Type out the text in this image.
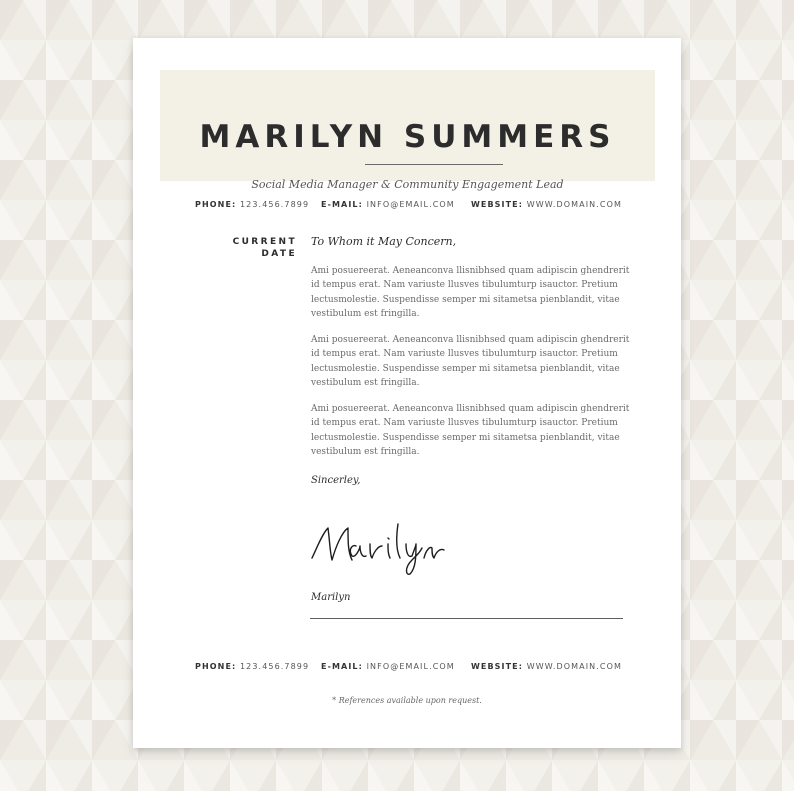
MARILYN SUMMERS
Social Media Manager & Community Engagement Lead
PHONE: 123.456.7899 E-MAIL: INFO@EMAIL.COM WEBSITE: WWW.DOMAIN.COM
CURRENT
DATE
To Whom it May Concern,

Ami posuereerat. Aeneanconva llisnibhsed quam adipiscin ghendrerit id tempus erat. Nam variuste llusves tibulumturp isauctor. Pretium lectusmolestie. Suspendisse semper mi sitametsa pienblandit, vitae vestibulum est fringilla.

Ami posuereerat. Aeneanconva llisnibhsed quam adipiscin ghendrerit id tempus erat. Nam variuste llusves tibulumturp isauctor. Pretium lectusmolestie. Suspendisse semper mi sitametsa pienblandit, vitae vestibulum est fringilla.

Ami posuereerat. Aeneanconva llisnibhsed quam adipiscin ghendrerit id tempus erat. Nam variuste llusves tibulumturp isauctor. Pretium lectusmolestie. Suspendisse semper mi sitametsa pienblandit, vitae vestibulum est fringilla.

Sincerley,
Marilyn
PHONE: 123.456.7899 E-MAIL: INFO@EMAIL.COM WEBSITE: WWW.DOMAIN.COM
* References available upon request.
